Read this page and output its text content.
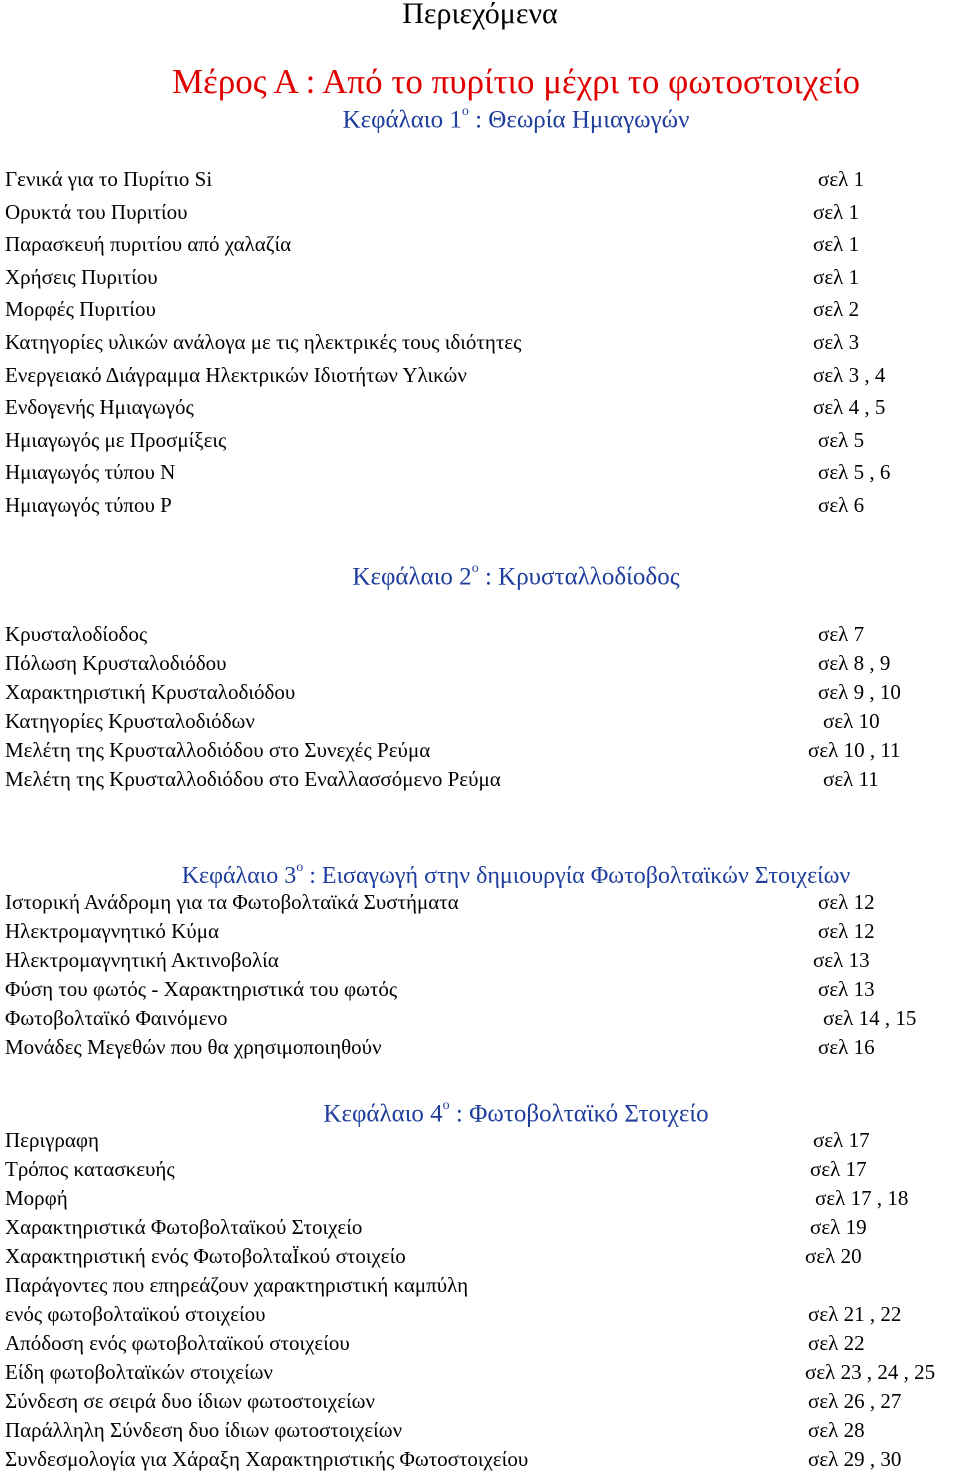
Περιεχόμενα
Μέρος Α : Από το πυρίτιο μέχρι το φωτοστοιχείο
Κεφάλαιο $1^o$ : Θεωρία Ημιαγωγών
Γενικά για το Πυρίτιο Si	σελ 1
Ορυκτά του Πυριτίου	σελ 1
Παρασκευή πυριτίου από χαλαζία	σελ 1
Χρήσεις Πυριτίου	σελ 1
Μορφές Πυριτίου	σελ 2
Κατηγορίες υλικών ανάλογα με τις ηλεκτρικές τους ιδιότητες	σελ 3
Ενεργειακό Διάγραμμα Ηλεκτρικών Ιδιοτήτων Υλικών	σελ 3 , 4
Ενδογενής Ημιαγωγός	σελ 4 , 5
Ημιαγωγός με Προσμίξεις	σελ 5
Ημιαγωγός τύπου Ν	σελ 5 , 6
Ημιαγωγός τύπου Ρ	σελ 6
Κεφάλαιο $2^o$ : Κρυσταλλοδίοδος
Κρυσταλοδίοδος	σελ 7
Πόλωση Κρυσταλοδιόδου	σελ 8 , 9
Χαρακτηριστική Κρυσταλοδιόδου	σελ 9 , 10
Κατηγορίες Κρυσταλοδιόδων	σελ 10
Μελέτη της Κρυσταλλοδιόδου στο Συνεχές Ρεύμα	σελ 10 , 11
Μελέτη της Κρυσταλλοδιόδου στο Εναλλασσόμενο Ρεύμα	σελ 11
Κεφάλαιο $3^o$ : Εισαγωγή στην δημιουργία Φωτοβολταϊκών Στοιχείων
Ιστορική Ανάδρομη για τα Φωτοβολταϊκά Συστήματα	σελ 12
Ηλεκτρομαγνητικό Κύμα	σελ 12
Ηλεκτρομαγνητική Ακτινοβολία	σελ 13
Φύση του φωτός - Χαρακτηριστικά του φωτός	σελ 13
Φωτοβολταϊκό Φαινόμενο	σελ 14 , 15
Μονάδες Μεγεθών που θα χρησιμοποιηθούν	σελ 16
Κεφάλαιο $4^o$ : Φωτοβολταϊκό Στοιχείο
Περιγραφη	σελ 17
Τρόπος κατασκευής	σελ 17
Μορφή	σελ 17 , 18
Χαρακτηριστικά Φωτοβολταϊκού Στοιχείο	σελ 19
Χαρακτηριστική ενός ΦωτοβολταΪκού στοιχείο	σελ 20
Παράγοντες που επηρεάζουν χαρακτηριστική καμπύλη
ενός φωτοβολταϊκού στοιχείου	σελ 21 , 22
Απόδοση ενός φωτοβολταϊκού στοιχείου	σελ 22
Είδη φωτοβολταϊκών στοιχείων	σελ 23 , 24 , 25
Σύνδεση σε σειρά δυο ίδιων φωτοστοιχείων	σελ 26 , 27
Παράλληλη Σύνδεση δυο ίδιων φωτοστοιχείων	σελ 28
Συνδεσμολογία για Χάραξη Χαρακτηριστικής Φωτοστοιχείου	σελ 29 , 30
